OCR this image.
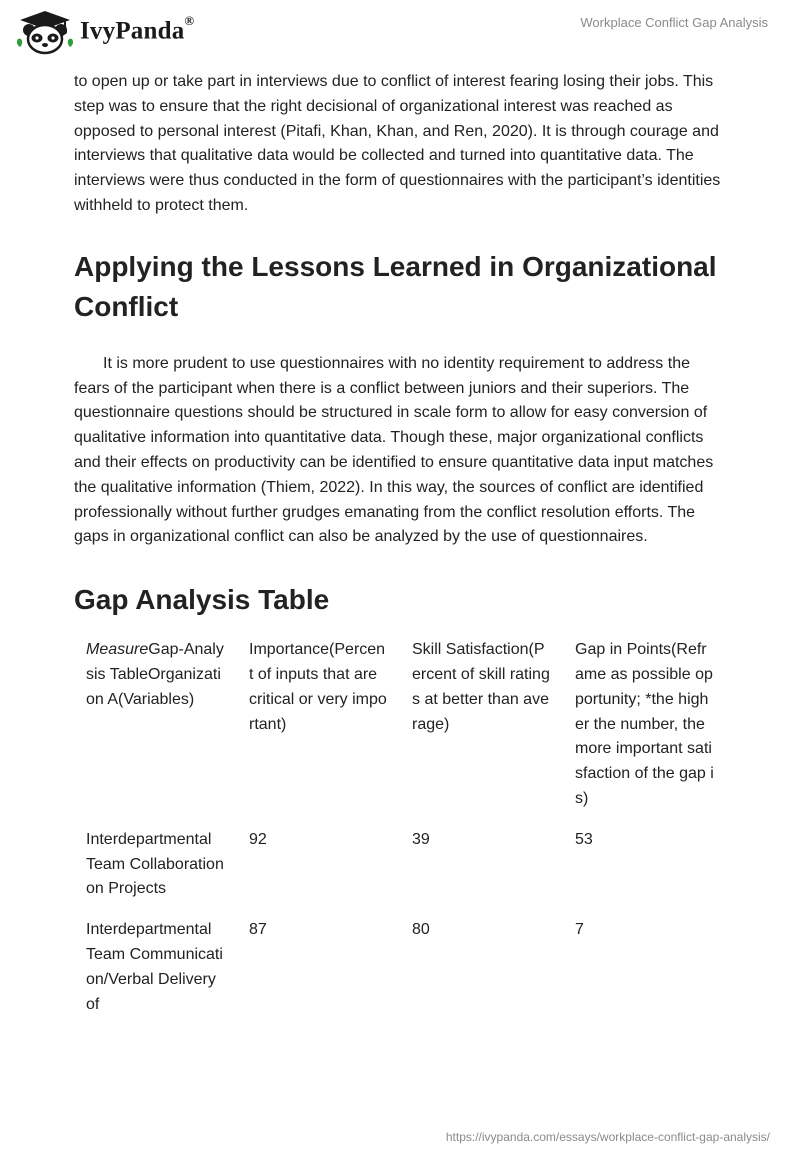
IvyPanda®	Workplace Conflict Gap Analysis

to open up or take part in interviews due to conflict of interest fearing losing their jobs. This step was to ensure that the right decisional of organizational interest was reached as opposed to personal interest (Pitafi, Khan, Khan, and Ren, 2020). It is through courage and interviews that qualitative data would be collected and turned into quantitative data. The interviews were thus conducted in the form of questionnaires with the participant’s identities withheld to protect them.

Applying the Lessons Learned in Organizational Conflict

It is more prudent to use questionnaires with no identity requirement to address the fears of the participant when there is a conflict between juniors and their superiors. The questionnaire questions should be structured in scale form to allow for easy conversion of qualitative information into quantitative data. Though these, major organizational conflicts and their effects on productivity can be identified to ensure quantitative data input matches the qualitative information (Thiem, 2022). In this way, the sources of conflict are identified professionally without further grudges emanating from the conflict resolution efforts. The gaps in organizational conflict can also be analyzed by the use of questionnaires.

Gap Analysis Table
MeasureGap-Analysis TableOrganization A(Variables)	Importance(Percent of inputs that are critical or very important)	Skill Satisfaction(Percent of skill ratings at better than average)	Gap in Points(Reframe as possible opportunity; *the higher the number, the more important satisfaction of the gap is)
Interdepartmental Team Collaboration on Projects	92	39	53
Interdepartmental Team Communication/Verbal Delivery of	87	80	7
https://ivypanda.com/essays/workplace-conflict-gap-analysis/
